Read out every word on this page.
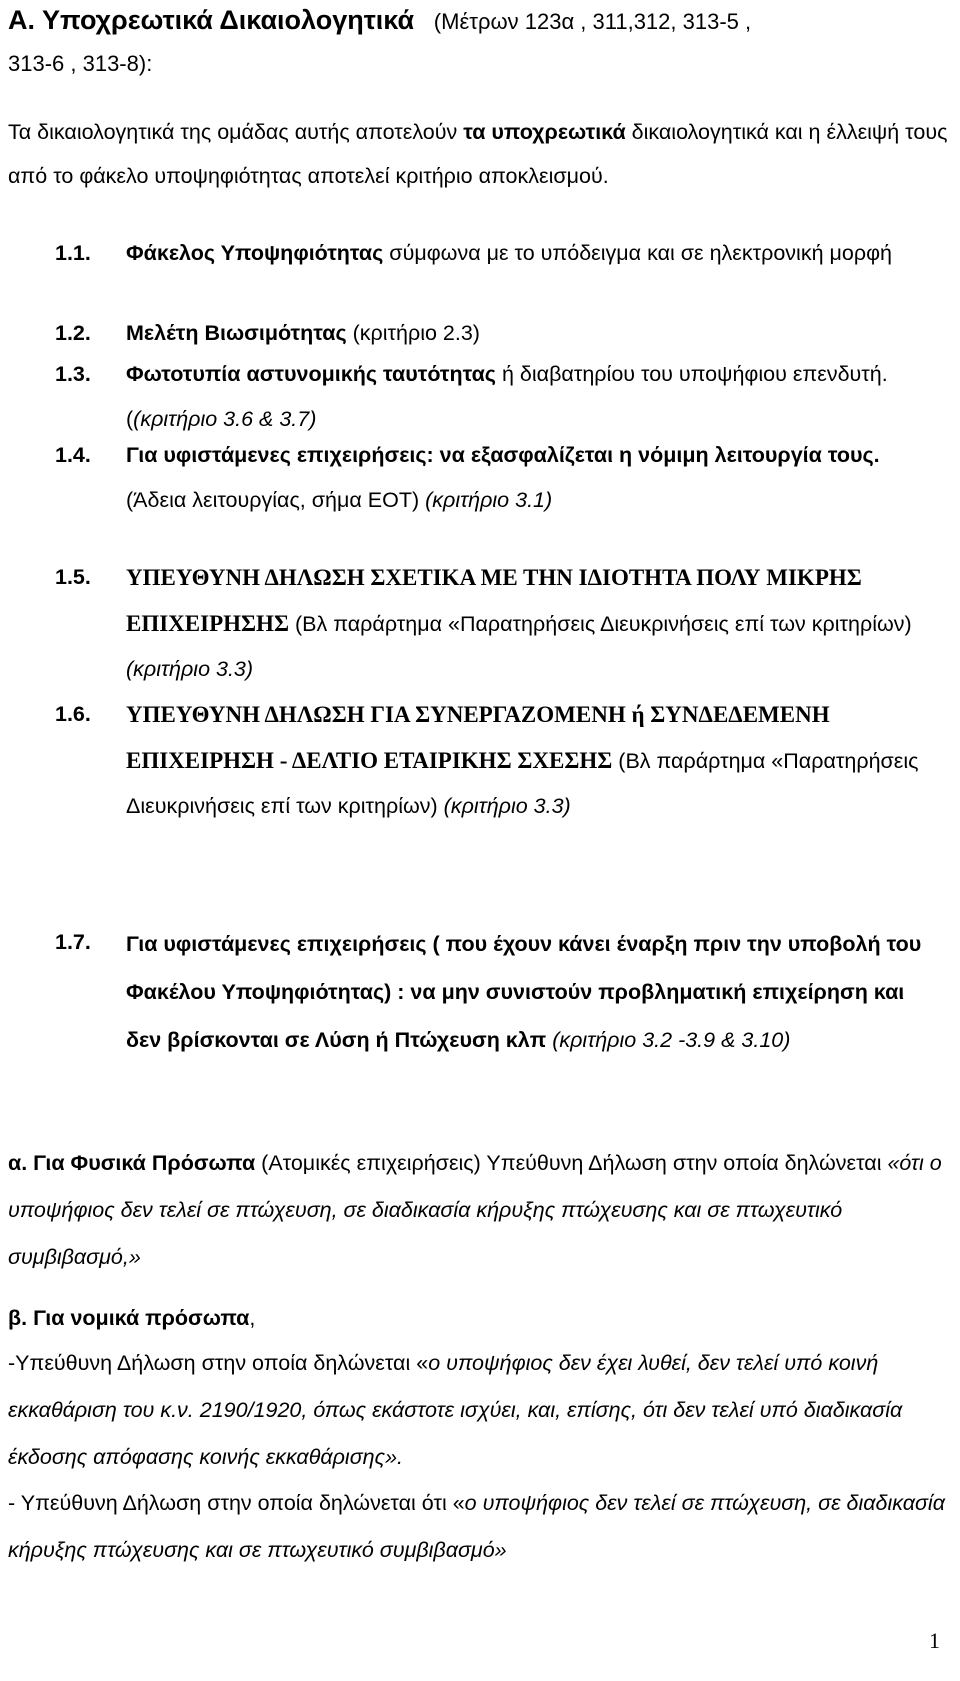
Α. Υποχρεωτικά Δικαιολογητικά (Μέτρων 123α , 311,312, 313-5 ,
313-6 , 313-8):
Τα δικαιολογητικά της ομάδας αυτής αποτελούν τα υποχρεωτικά δικαιολογητικά και η έλλειψή τους από το φάκελο υποψηφιότητας αποτελεί κριτήριο αποκλεισμού.
1.1. Φάκελος Υποψηφιότητας σύμφωνα με το υπόδειγμα και σε ηλεκτρονική μορφή
1.2. Μελέτη Βιωσιμότητας (κριτήριο 2.3)
1.3. Φωτοτυπία αστυνομικής ταυτότητας ή διαβατηρίου του υποψήφιου επενδυτή. ((κριτήριο 3.6 & 3.7)
1.4. Για υφιστάμενες επιχειρήσεις: να εξασφαλίζεται η νόμιμη λειτουργία τους. (Άδεια λειτουργίας, σήμα ΕΟΤ) (κριτήριο 3.1)
1.5. ΥΠΕΥΘΥΝΗ ΔΗΛΩΣΗ ΣΧΕΤΙΚΑ ΜΕ ΤΗΝ ΙΔΙΟΤΗΤΑ ΠΟΛΥ ΜΙΚΡΗΣ ΕΠΙΧΕΙΡΗΣΗΣ (Βλ παράρτημα «Παρατηρήσεις Διευκρινήσεις επί των κριτηρίων) (κριτήριο 3.3)
1.6. ΥΠΕΥΘΥΝΗ ΔΗΛΩΣΗ ΓΙΑ ΣΥΝΕΡΓΑΖΟΜΕΝΗ ή ΣΥΝΔΕΔΕΜΕΝΗ ΕΠΙΧΕΙΡΗΣΗ - ΔΕΛΤΙΟ ΕΤΑΙΡΙΚΗΣ ΣΧΕΣΗΣ (Βλ παράρτημα «Παρατηρήσεις Διευκρινήσεις επί των κριτηρίων) (κριτήριο 3.3)
1.7. Για υφιστάμενες επιχειρήσεις ( που έχουν κάνει έναρξη πριν την υποβολή του Φακέλου Υποψηφιότητας) : να μην συνιστούν προβληματική επιχείρηση και δεν βρίσκονται σε Λύση ή Πτώχευση κλπ (κριτήριο 3.2 -3.9 & 3.10)
α. Για Φυσικά Πρόσωπα (Ατομικές επιχειρήσεις) Υπεύθυνη Δήλωση στην οποία δηλώνεται «ότι ο υποψήφιος δεν τελεί σε πτώχευση, σε διαδικασία κήρυξης πτώχευσης και σε πτωχευτικό συμβιβασμό,»
β. Για νομικά πρόσωπα,
-Υπεύθυνη Δήλωση στην οποία δηλώνεται «ο υποψήφιος δεν έχει λυθεί, δεν τελεί υπό κοινή εκκαθάριση του κ.ν. 2190/1920, όπως εκάστοτε ισχύει, και, επίσης, ότι δεν τελεί υπό διαδικασία έκδοσης απόφασης κοινής εκκαθάρισης».
- Υπεύθυνη Δήλωση στην οποία δηλώνεται ότι «ο υποψήφιος δεν τελεί σε πτώχευση, σε διαδικασία κήρυξης πτώχευσης και σε πτωχευτικό συμβιβασμό»
1
